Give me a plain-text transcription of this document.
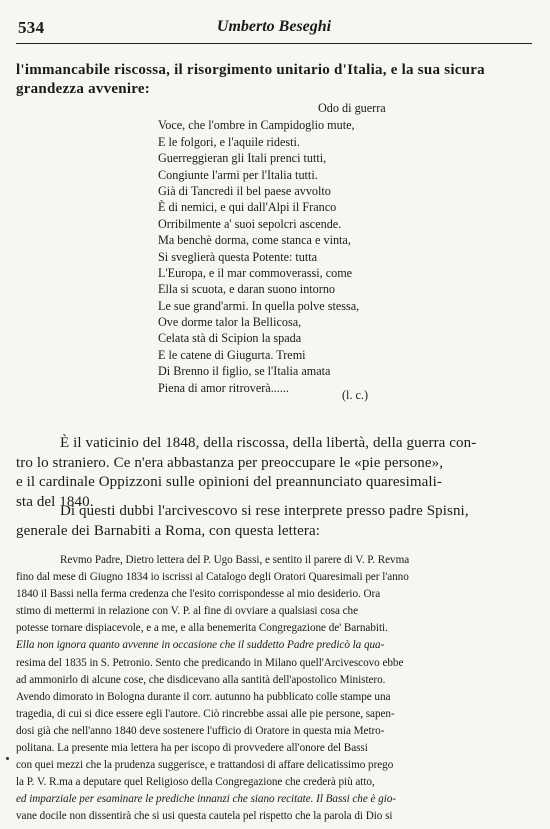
534	Umberto Beseghi
l'immancabile riscossa, il risorgimento unitario d'Italia, e la sua sicura
grandezza avvenire:
Odo di guerra
Voce, che l'ombre in Campidoglio mute,
E le folgori, e l'aquile ridesti.
Guerreggieran gli Itali prenci tutti,
Congiunte l'armi per l'Italia tutti.
Già di Tancredi il bel paese avvolto
È di nemici, e qui dall'Alpi il Franco
Orribilmente a' suoi sepolcri ascende.
Ma benchè dorma, come stanca e vinta,
Si sveglierà questa Potente: tutta
L'Europa, e il mar commoverassi, come
Ella si scuota, e daran suono intorno
Le sue grand'armi. In quella polve stessa,
Ove dorme talor la Bellicosa,
Celata stà di Scipion la spada
E le catene di Giugurta. Tremi
Di Brenno il figlio, se l'Italia amata
Piena di amor ritroverà......
(l. c.)
È il vaticinio del 1848, della riscossa, della libertà, della guerra con-
tro lo straniero. Ce n'era abbastanza per preoccupare le «pie persone»,
e il cardinale Oppizzoni sulle opinioni del preannunciato quaresimali-
sta del 1840.
Di questi dubbi l'arcivescovo si rese interprete presso padre Spisni,
generale dei Barnabiti a Roma, con questa lettera:
Revmo Padre, Dietro lettera del P. Ugo Bassi, e sentito il parere di V. P. Revma
fino dal mese di Giugno 1834 io iscrissi al Catalogo degli Oratori Quaresimali per l'anno
1840 il Bassi nella ferma credenza che l'esito corrispondesse al mio desiderio. Ora
stimo di mettermi in relazione con V. P. al fine di ovviare a qualsiasi cosa che
potesse tornare dispiacevole, e a me, e alla benemerita Congregazione de' Barnabiti.
Ella non ignora quanto avvenne in occasione che il suddetto Padre predicò la qua-
resima del 1835 in S. Petronio. Sento che predicando in Milano quell'Arcivescovo ebbe
ad ammonirlo di alcune cose, che disdicevano alla santità dell'apostolico Ministero.
Avendo dimorato in Bologna durante il corr. autunno ha pubblicato colle stampe una
tragedia, di cui si dice essere egli l'autore. Ciò rincrebbe assai alle pie persone, sapen-
dosi già che nell'anno 1840 deve sostenere l'ufficio di Oratore in questa mia Metro-
politana. La presente mia lettera ha per iscopo di provvedere all'onore del Bassi
con quei mezzi che la prudenza suggerisce, e trattandosi di affare delicatissimo prego
la P. V. R.ma a deputare quel Religioso della Congregazione che crederà più atto,
ed imparziale per esaminare le prediche innanzi che siano recitate. Il Bassi che è gio-
vane docile non dissentirà che si usi questa cautela pel rispetto che la parola di Dio si
